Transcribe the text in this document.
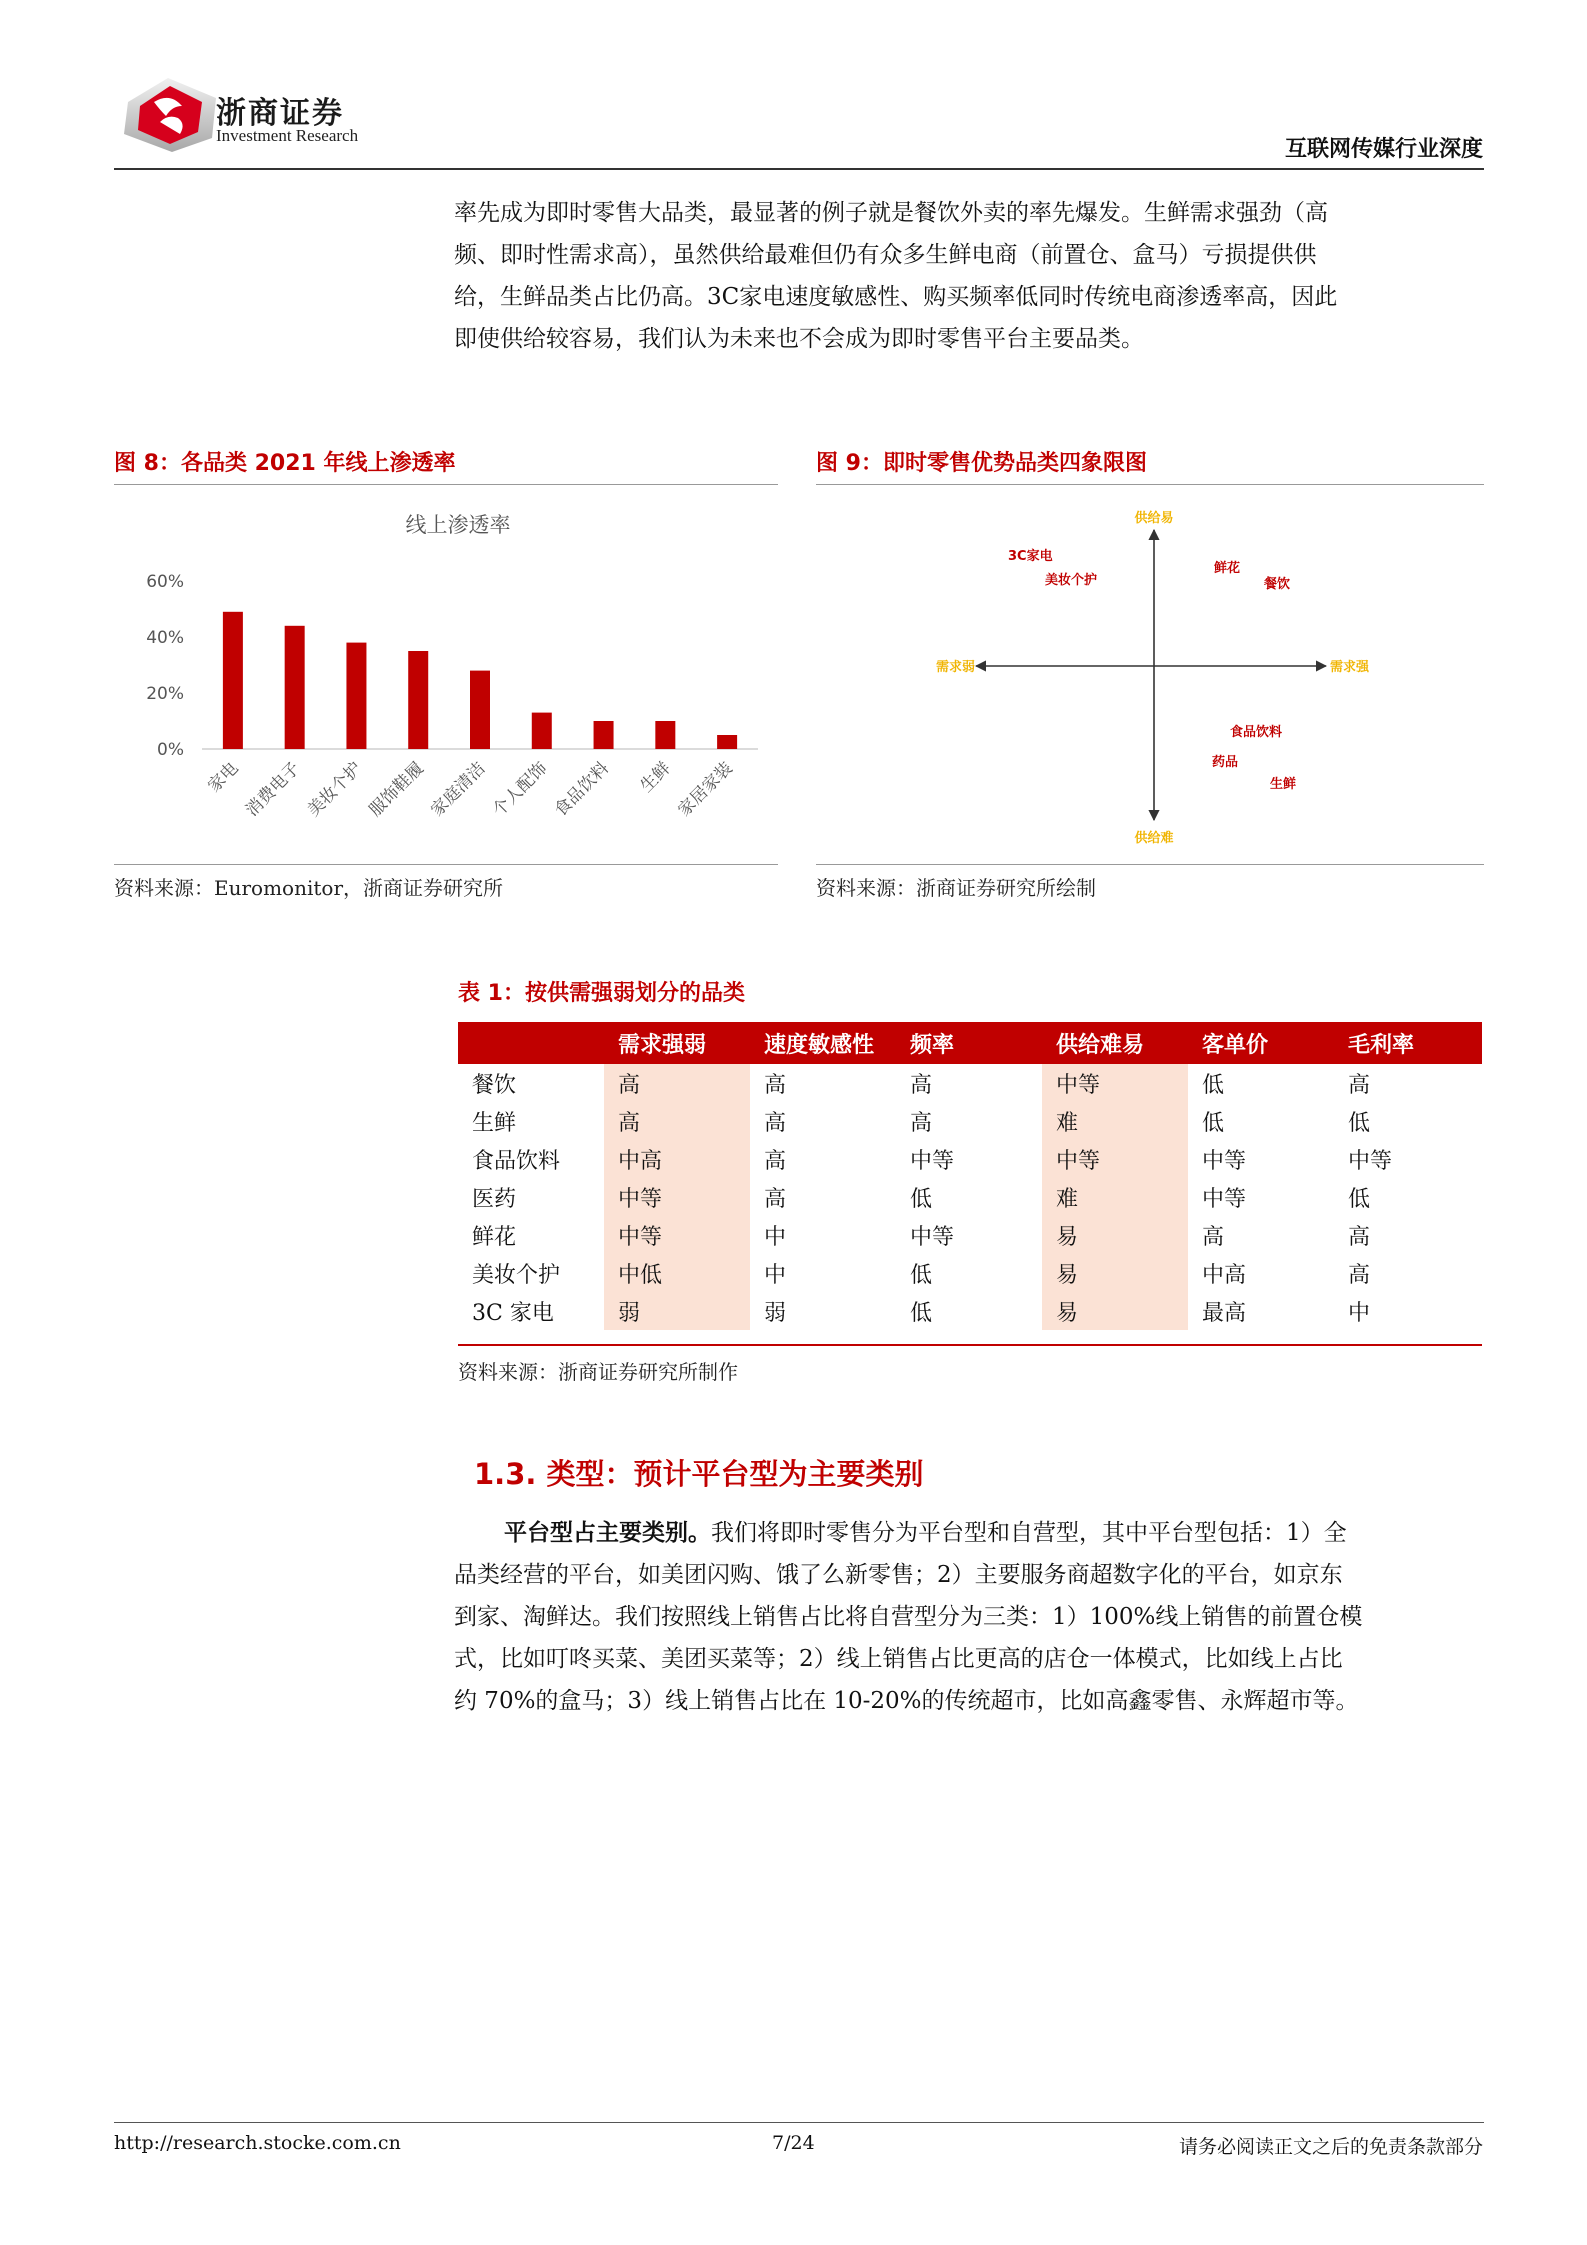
浙商证券
Investment Research
互联网传媒行业深度
率先成为即时零售大品类，最显著的例子就是餐饮外卖的率先爆发。生鲜需求强劲（高
频、即时性需求高），虽然供给最难但仍有众多生鲜电商（前置仓、盒马）亏损提供供
给，生鲜品类占比仍高。3C家电速度敏感性、购买频率低同时传统电商渗透率高，因此
即使供给较容易，我们认为未来也不会成为即时零售平台主要品类。
图 8：各品类 2021 年线上渗透率
线上渗透率
0%
20%
40%
60%
家电 消费电子 美妆个护 服饰鞋履 家庭清洁 个人配饰 食品饮料 生鲜 家居家装
资料来源：Euromonitor，浙商证券研究所
图 9：即时零售优势品类四象限图
供给易
供给难
需求弱	需求强
3C家电
美妆个护
鲜花
餐饮
食品饮料
药品
生鲜
资料来源：浙商证券研究所绘制
表 1：按供需强弱划分的品类
	需求强弱	速度敏感性	频率	供给难易	客单价	毛利率
餐饮	高	高	高	中等	低	高
生鲜	高	高	高	难	低	低
食品饮料	中高	高	中等	中等	中等	中等
医药	中等	高	低	难	中等	低
鲜花	中等	中	中等	易	高	高
美妆个护	中低	中	低	易	中高	高
3C 家电	弱	弱	低	易	最高	中
资料来源：浙商证券研究所制作
1.3. 类型：预计平台型为主要类别
平台型占主要类别。我们将即时零售分为平台型和自营型，其中平台型包括：1）全
品类经营的平台，如美团闪购、饿了么新零售；2）主要服务商超数字化的平台，如京东
到家、淘鲜达。我们按照线上销售占比将自营型分为三类：1）100%线上销售的前置仓模
式，比如叮咚买菜、美团买菜等；2）线上销售占比更高的店仓一体模式，比如线上占比
约 70%的盒马；3）线上销售占比在 10-20%的传统超市，比如高鑫零售、永辉超市等。
http://research.stocke.com.cn	7/24	请务必阅读正文之后的免责条款部分
